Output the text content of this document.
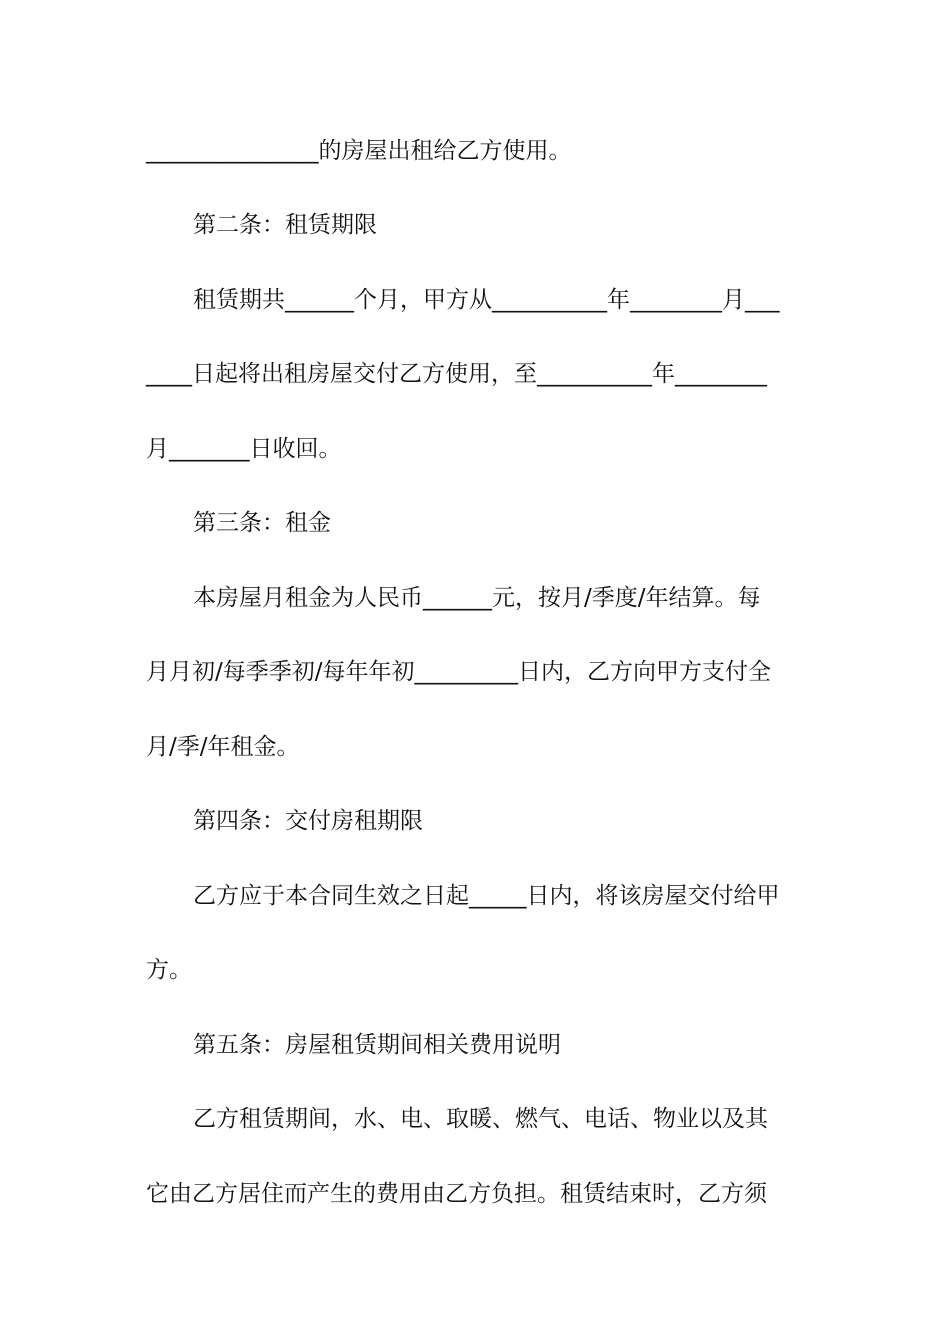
_______________的房屋出租给乙方使用。
第二条：租赁期限
租赁期共______个月，甲方从__________年________月___
____日起将出租房屋交付乙方使用，至__________年________
月_______日收回。
第三条：租金
本房屋月租金为人民币______元，按月/季度/年结算。每
月月初/每季季初/每年年初_________日内，乙方向甲方支付全
月/季/年租金。
第四条：交付房租期限
乙方应于本合同生效之日起_____日内，将该房屋交付给甲
方。
第五条：房屋租赁期间相关费用说明
乙方租赁期间，水、电、取暖、燃气、电话、物业以及其
它由乙方居住而产生的费用由乙方负担。租赁结束时，乙方须
